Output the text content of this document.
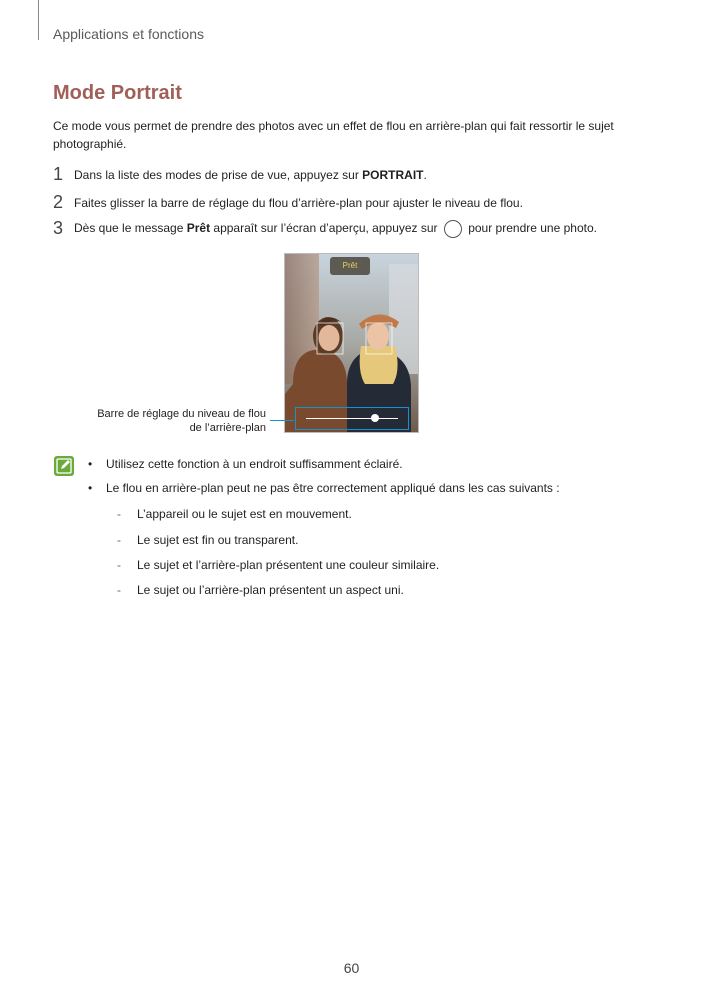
Applications et fonctions
Mode Portrait

Ce mode vous permet de prendre des photos avec un effet de flou en arrière-plan qui fait ressortir le sujet photographié.

1 Dans la liste des modes de prise de vue, appuyez sur PORTRAIT.
2 Faites glisser la barre de réglage du flou d’arrière-plan pour ajuster le niveau de flou.
3 Dès que le message Prêt apparaît sur l’écran d’aperçu, appuyez sur  pour prendre une photo.
Prêt
Barre de réglage du niveau de flou
de l’arrière-plan
• Utilisez cette fonction à un endroit suffisamment éclairé.
• Le flou en arrière-plan peut ne pas être correctement appliqué dans les cas suivants :
- L’appareil ou le sujet est en mouvement.
- Le sujet est fin ou transparent.
- Le sujet et l’arrière-plan présentent une couleur similaire.
- Le sujet ou l’arrière-plan présentent un aspect uni.
60
